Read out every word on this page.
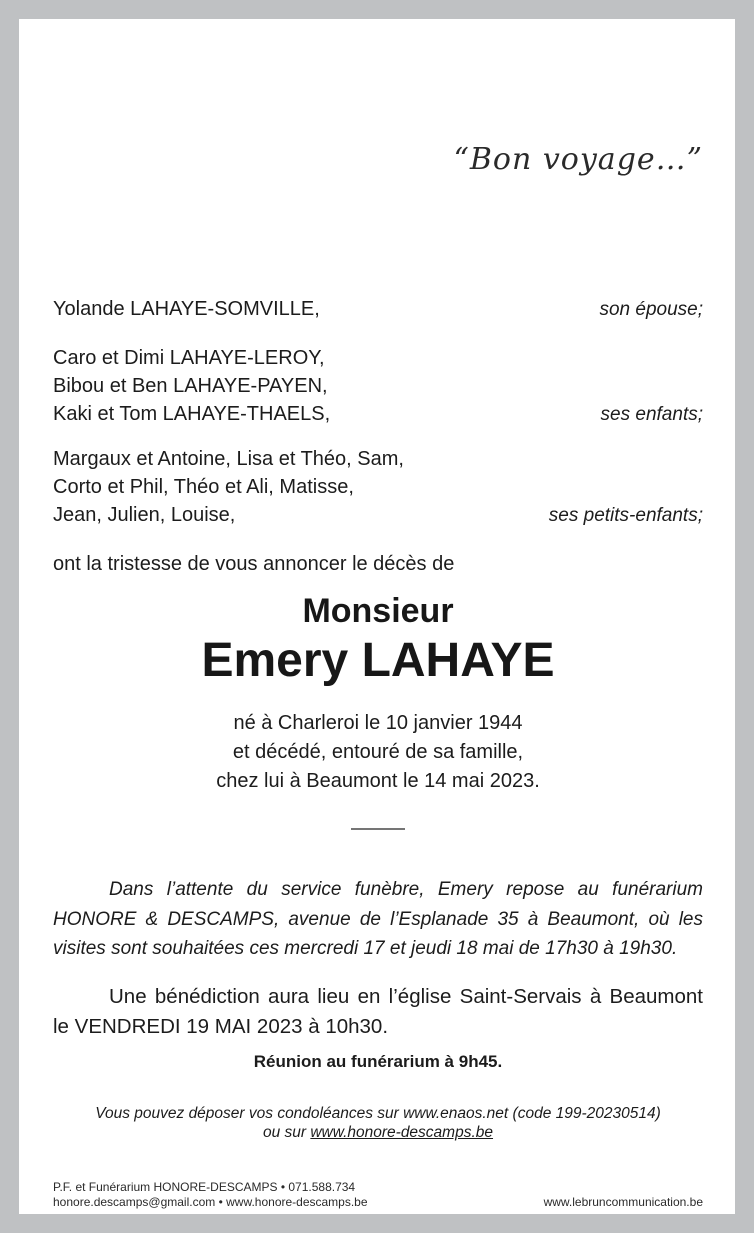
“Bon voyage…”
Yolande LAHAYE-SOMVILLE,	son épouse;
Caro et Dimi LAHAYE-LEROY,
Bibou et Ben LAHAYE-PAYEN,
Kaki et Tom LAHAYE-THAELS,	ses enfants;
Margaux et Antoine, Lisa et Théo, Sam,
Corto et Phil, Théo et Ali, Matisse,
Jean, Julien, Louise,	ses petits-enfants;
ont la tristesse de vous annoncer le décès de
Monsieur
Emery LAHAYE
né à Charleroi le 10 janvier 1944
et décédé, entouré de sa famille,
chez lui à Beaumont le 14 mai 2023.
Dans l’attente du service funèbre, Emery repose au funérarium HONORE & DESCAMPS, avenue de l’Esplanade 35 à Beaumont, où les visites sont souhaitées ces mercredi 17 et jeudi 18 mai de 17h30 à 19h30.
Une bénédiction aura lieu en l’église Saint-Servais à Beaumont le VENDREDI 19 MAI 2023 à 10h30.
Réunion au funérarium à 9h45.
Vous pouvez déposer vos condoléances sur www.enaos.net (code 199-20230514)
ou sur www.honore-descamps.be
P.F. et Funérarium HONORE-DESCAMPS • 071.588.734
honore.descamps@gmail.com • www.honore-descamps.be	www.lebruncommunication.be
